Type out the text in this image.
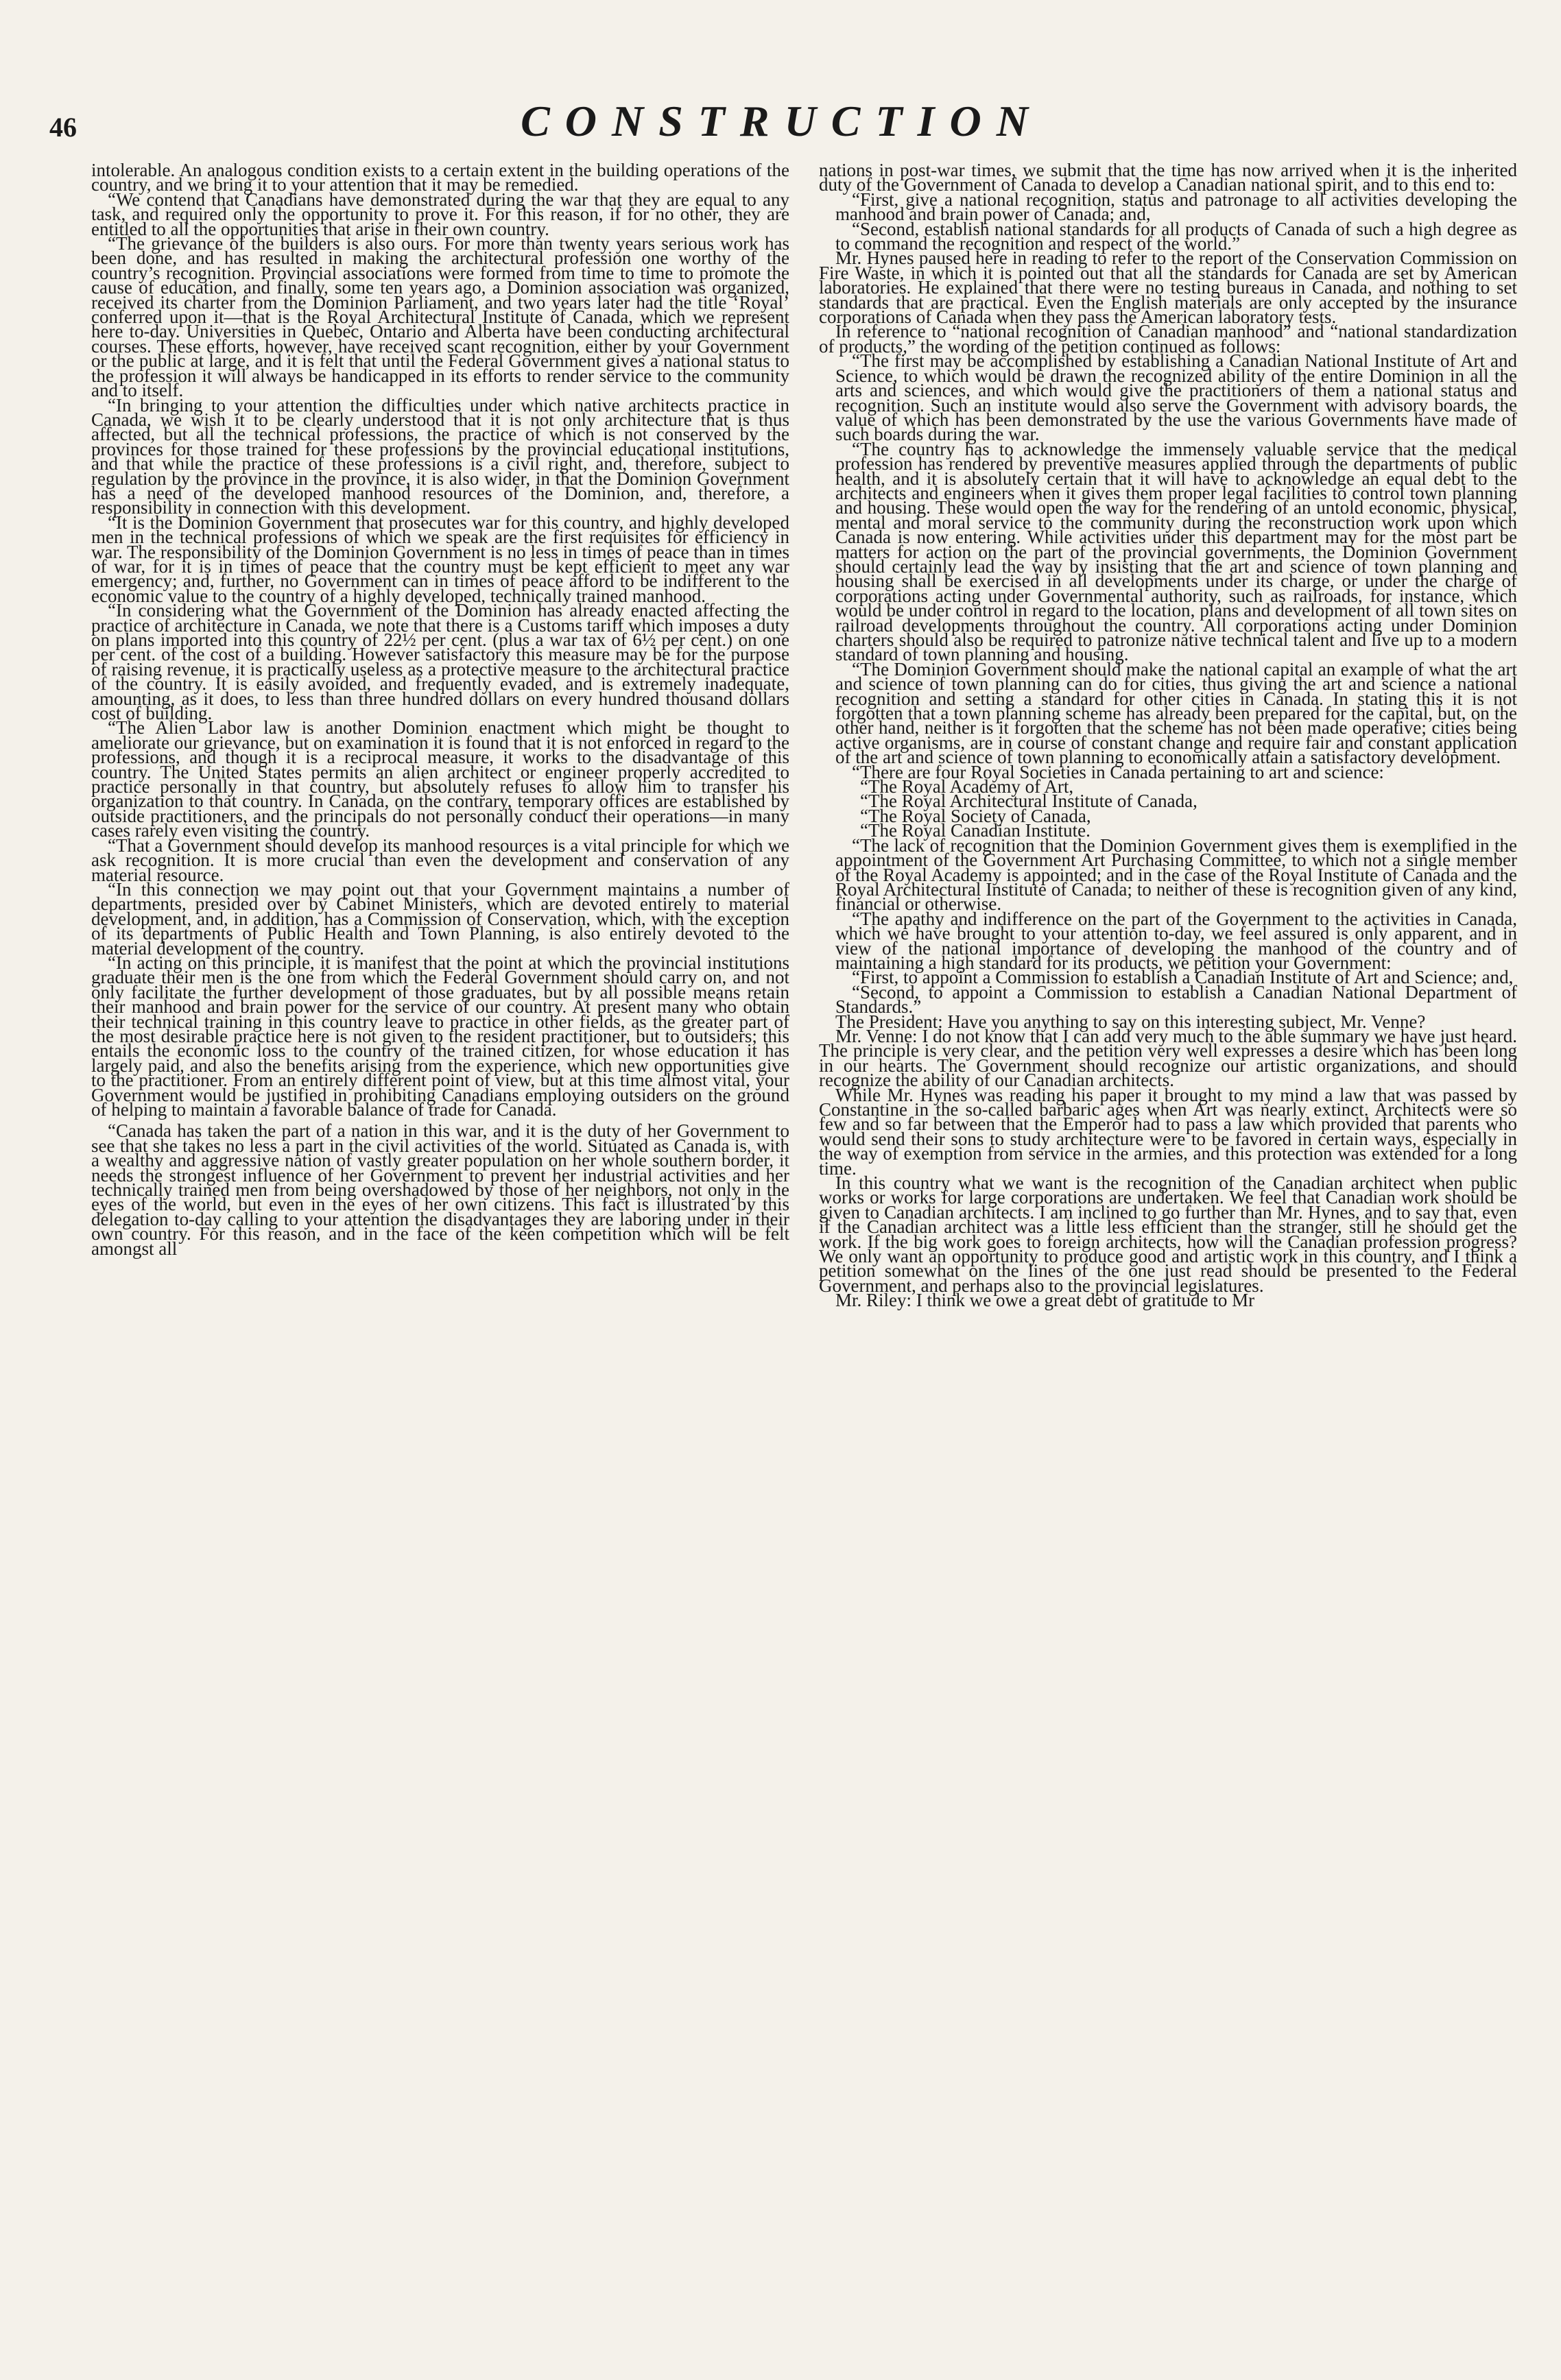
46	CONSTRUCTION

intolerable. An analogous condition exists to a certain extent in the building operations of the country, and we bring it to your attention that it may be remedied.

“We contend that Canadians have demonstrated during the war that they are equal to any task, and required only the opportunity to prove it. For this reason, if for no other, they are entitled to all the opportunities that arise in their own country.

“The grievance of the builders is also ours. For more than twenty years serious work has been done, and has resulted in making the architectural profession one worthy of the country’s recognition. Provincial associations were formed from time to time to promote the cause of education, and finally, some ten years ago, a Dominion association was organized, received its charter from the Dominion Parliament, and two years later had the title ‘Royal’ conferred upon it—that is the Royal Architectural Institute of Canada, which we represent here to-day. Universities in Quebec, Ontario and Alberta have been conducting architectural courses. These efforts, however, have received scant recognition, either by your Government or the public at large, and it is felt that until the Federal Government gives a national status to the profession it will always be handicapped in its efforts to render service to the community and to itself.

“In bringing to your attention the difficulties under which native architects practice in Canada, we wish it to be clearly understood that it is not only architecture that is thus affected, but all the technical professions, the practice of which is not conserved by the provinces for those trained for these professions by the provincial educational institutions, and that while the practice of these professions is a civil right, and, therefore, subject to regulation by the province in the province, it is also wider, in that the Dominion Government has a need of the developed manhood resources of the Dominion, and, therefore, a responsibility in connection with this development.

“It is the Dominion Government that prosecutes war for this country, and highly developed men in the technical professions of which we speak are the first requisites for efficiency in war. The responsibility of the Dominion Government is no less in times of peace than in times of war, for it is in times of peace that the country must be kept efficient to meet any war emergency; and, further, no Government can in times of peace afford to be indifferent to the economic value to the country of a highly developed, technically trained manhood.

“In considering what the Government of the Dominion has already enacted affecting the practice of architecture in Canada, we note that there is a Customs tariff which imposes a duty on plans imported into this country of 22½ per cent. (plus a war tax of 6½ per cent.) on one per cent. of the cost of a building. However satisfactory this measure may be for the purpose of raising revenue, it is practically useless as a protective measure to the architectural practice of the country. It is easily avoided, and frequently evaded, and is extremely inadequate, amounting, as it does, to less than three hundred dollars on every hundred thousand dollars cost of building.

“The Alien Labor law is another Dominion enactment which might be thought to ameliorate our grievance, but on examination it is found that it is not enforced in regard to the professions, and though it is a reciprocal measure, it works to the disadvantage of this country. The United States permits an alien architect or engineer properly accredited to practice personally in that country, but absolutely refuses to allow him to transfer his organization to that country. In Canada, on the contrary, temporary offices are established by outside practitioners, and the principals do not personally conduct their operations—in many cases rarely even visiting the country.

“That a Government should develop its manhood resources is a vital principle for which we ask recognition. It is more crucial than even the development and conservation of any material resource.

“In this connection we may point out that your Government maintains a number of departments, presided over by Cabinet Ministers, which are devoted entirely to material development, and, in addition, has a Commission of Conservation, which, with the exception of its departments of Public Health and Town Planning, is also entirely devoted to the material development of the country.

“In acting on this principle, it is manifest that the point at which the provincial institutions graduate their men is the one from which the Federal Government should carry on, and not only facilitate the further development of those graduates, but by all possible means retain their manhood and brain power for the service of our country. At present many who obtain their technical training in this country leave to practice in other fields, as the greater part of the most desirable practice here is not given to the resident practitioner, but to outsiders; this entails the economic loss to the country of the trained citizen, for whose education it has largely paid, and also the benefits arising from the experience, which new opportunities give to the practitioner. From an entirely different point of view, but at this time almost vital, your Government would be justified in prohibiting Canadians employing outsiders on the ground of helping to maintain a favorable balance of trade for Canada.

“Canada has taken the part of a nation in this war, and it is the duty of her Government to see that she takes no less a part in the civil activities of the world. Situated as Canada is, with a wealthy and aggressive nation of vastly greater population on her whole southern border, it needs the strongest influence of her Government to prevent her industrial activities and her technically trained men from being overshadowed by those of her neighbors, not only in the eyes of the world, but even in the eyes of her own citizens. This fact is illustrated by this delegation to-day calling to your attention the disadvantages they are laboring under in their own country. For this reason, and in the face of the keen competition which will be felt amongst all

nations in post-war times, we submit that the time has now arrived when it is the inherited duty of the Government of Canada to develop a Canadian national spirit, and to this end to:

“First, give a national recognition, status and patronage to all activities developing the manhood and brain power of Canada; and,

“Second, establish national standards for all products of Canada of such a high degree as to command the recognition and respect of the world.”

Mr. Hynes paused here in reading to refer to the report of the Conservation Commission on Fire Waste, in which it is pointed out that all the standards for Canada are set by American laboratories. He explained that there were no testing bureaus in Canada, and nothing to set standards that are practical. Even the English materials are only accepted by the insurance corporations of Canada when they pass the American laboratory tests.

In reference to “national recognition of Canadian manhood” and “national standardization of products,” the wording of the petition continued as follows:

“The first may be accomplished by establishing a Canadian National Institute of Art and Science, to which would be drawn the recognized ability of the entire Dominion in all the arts and sciences, and which would give the practitioners of them a national status and recognition. Such an institute would also serve the Government with advisory boards, the value of which has been demonstrated by the use the various Governments have made of such boards during the war.

“The country has to acknowledge the immensely valuable service that the medical profession has rendered by preventive measures applied through the departments of public health, and it is absolutely certain that it will have to acknowledge an equal debt to the architects and engineers when it gives them proper legal facilities to control town planning and housing. These would open the way for the rendering of an untold economic, physical, mental and moral service to the community during the reconstruction work upon which Canada is now entering. While activities under this department may for the most part be matters for action on the part of the provincial governments, the Dominion Government should certainly lead the way by insisting that the art and science of town planning and housing shall be exercised in all developments under its charge, or under the charge of corporations acting under Governmental authority, such as railroads, for instance, which would be under control in regard to the location, plans and development of all town sites on railroad developments throughout the country. All corporations acting under Dominion charters should also be required to patronize native technical talent and live up to a modern standard of town planning and housing.

“The Dominion Government should make the national capital an example of what the art and science of town planning can do for cities, thus giving the art and science a national recognition and setting a standard for other cities in Canada. In stating this it is not forgotten that a town planning scheme has already been prepared for the capital, but, on the other hand, neither is it forgotten that the scheme has not been made operative; cities being active organisms, are in course of constant change and require fair and constant application of the art and science of town planning to economically attain a satisfactory development.

“There are four Royal Societies in Canada pertaining to art and science:

“The Royal Academy of Art,

“The Royal Architectural Institute of Canada,

“The Royal Society of Canada,

“The Royal Canadian Institute.

“The lack of recognition that the Dominion Government gives them is exemplified in the appointment of the Government Art Purchasing Committee, to which not a single member of the Royal Academy is appointed; and in the case of the Royal Institute of Canada and the Royal Architectural Institute of Canada; to neither of these is recognition given of any kind, financial or otherwise.

“The apathy and indifference on the part of the Government to the activities in Canada, which we have brought to your attention to-day, we feel assured is only apparent, and in view of the national importance of developing the manhood of the country and of maintaining a high standard for its products, we petition your Government:

“First, to appoint a Commission to establish a Canadian Institute of Art and Science; and,

“Second, to appoint a Commission to establish a Canadian National Department of Standards.”

The President: Have you anything to say on this interesting subject, Mr. Venne?

Mr. Venne: I do not know that I can add very much to the able summary we have just heard. The principle is very clear, and the petition very well expresses a desire which has been long in our hearts. The Government should recognize our artistic organizations, and should recognize the ability of our Canadian architects.

While Mr. Hynes was reading his paper it brought to my mind a law that was passed by Constantine in the so-called barbaric ages when Art was nearly extinct. Architects were so few and so far between that the Emperor had to pass a law which provided that parents who would send their sons to study architecture were to be favored in certain ways, especially in the way of exemption from service in the armies, and this protection was extended for a long time.

In this country what we want is the recognition of the Canadian architect when public works or works for large corporations are undertaken. We feel that Canadian work should be given to Canadian architects. I am inclined to go further than Mr. Hynes, and to say that, even if the Canadian architect was a little less efficient than the stranger, still he should get the work. If the big work goes to foreign architects, how will the Canadian profession progress? We only want an opportunity to produce good and artistic work in this country, and I think a petition somewhat on the lines of the one just read should be presented to the Federal Government, and perhaps also to the provincial legislatures.

Mr. Riley: I think we owe a great debt of gratitude to Mr
